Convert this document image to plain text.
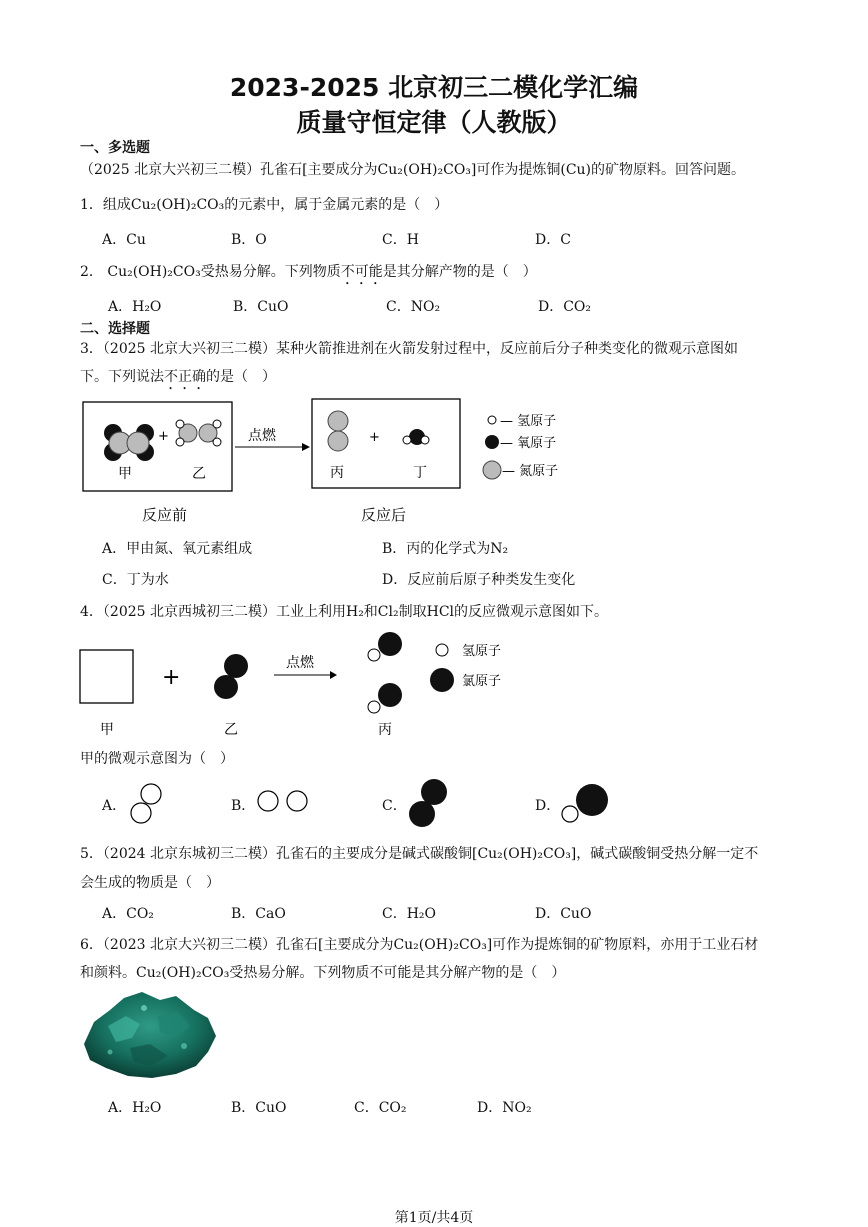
2023-2025 北京初三二模化学汇编
质量守恒定律（人教版）
一、多选题
（2025 北京大兴初三二模）孔雀石[主要成分为Cu₂(OH)₂CO₃]可作为提炼铜(Cu)的矿物原料。回答问题。
1．组成Cu₂(OH)₂CO₃的元素中，属于金属元素的是（　）
A．Cu	B．O	C．H	D．C
2． Cu₂(OH)₂CO₃受热易分解。下列物质不可能是其分解产物的是（　）
A．H₂O	B．CuO	C．NO₂	D．CO₂
二、选择题
3．（2025 北京大兴初三二模）某种火箭推进剂在火箭发射过程中，反应前后分子种类变化的微观示意图如
下。下列说法不正确的是（　）
+
甲	乙
点燃	+
丙	丁
— 氢原子
— 氧原子
— 氮原子
反应前	反应后
A．甲由氮、氧元素组成	B．丙的化学式为N₂
C．丁为水	D．反应前后原子种类发生变化
4．（2025 北京西城初三二模）工业上利用H₂和Cl₂制取HCl的反应微观示意图如下。
+
点燃
氢原子
氯原子
甲	乙	丙
甲的微观示意图为（　）
A．	B．	C．	D．
5．（2024 北京东城初三二模）孔雀石的主要成分是碱式碳酸铜[Cu₂(OH)₂CO₃]，碱式碳酸铜受热分解一定不
会生成的物质是（　）
A．CO₂	B．CaO	C．H₂O	D．CuO
6．（2023 北京大兴初三二模）孔雀石[主要成分为Cu₂(OH)₂CO₃]可作为提炼铜的矿物原料，亦用于工业石材
和颜料。Cu₂(OH)₂CO₃受热易分解。下列物质不可能是其分解产物的是（　）
A．H₂O	B．CuO	C．CO₂	D．NO₂
第1页/共4页
